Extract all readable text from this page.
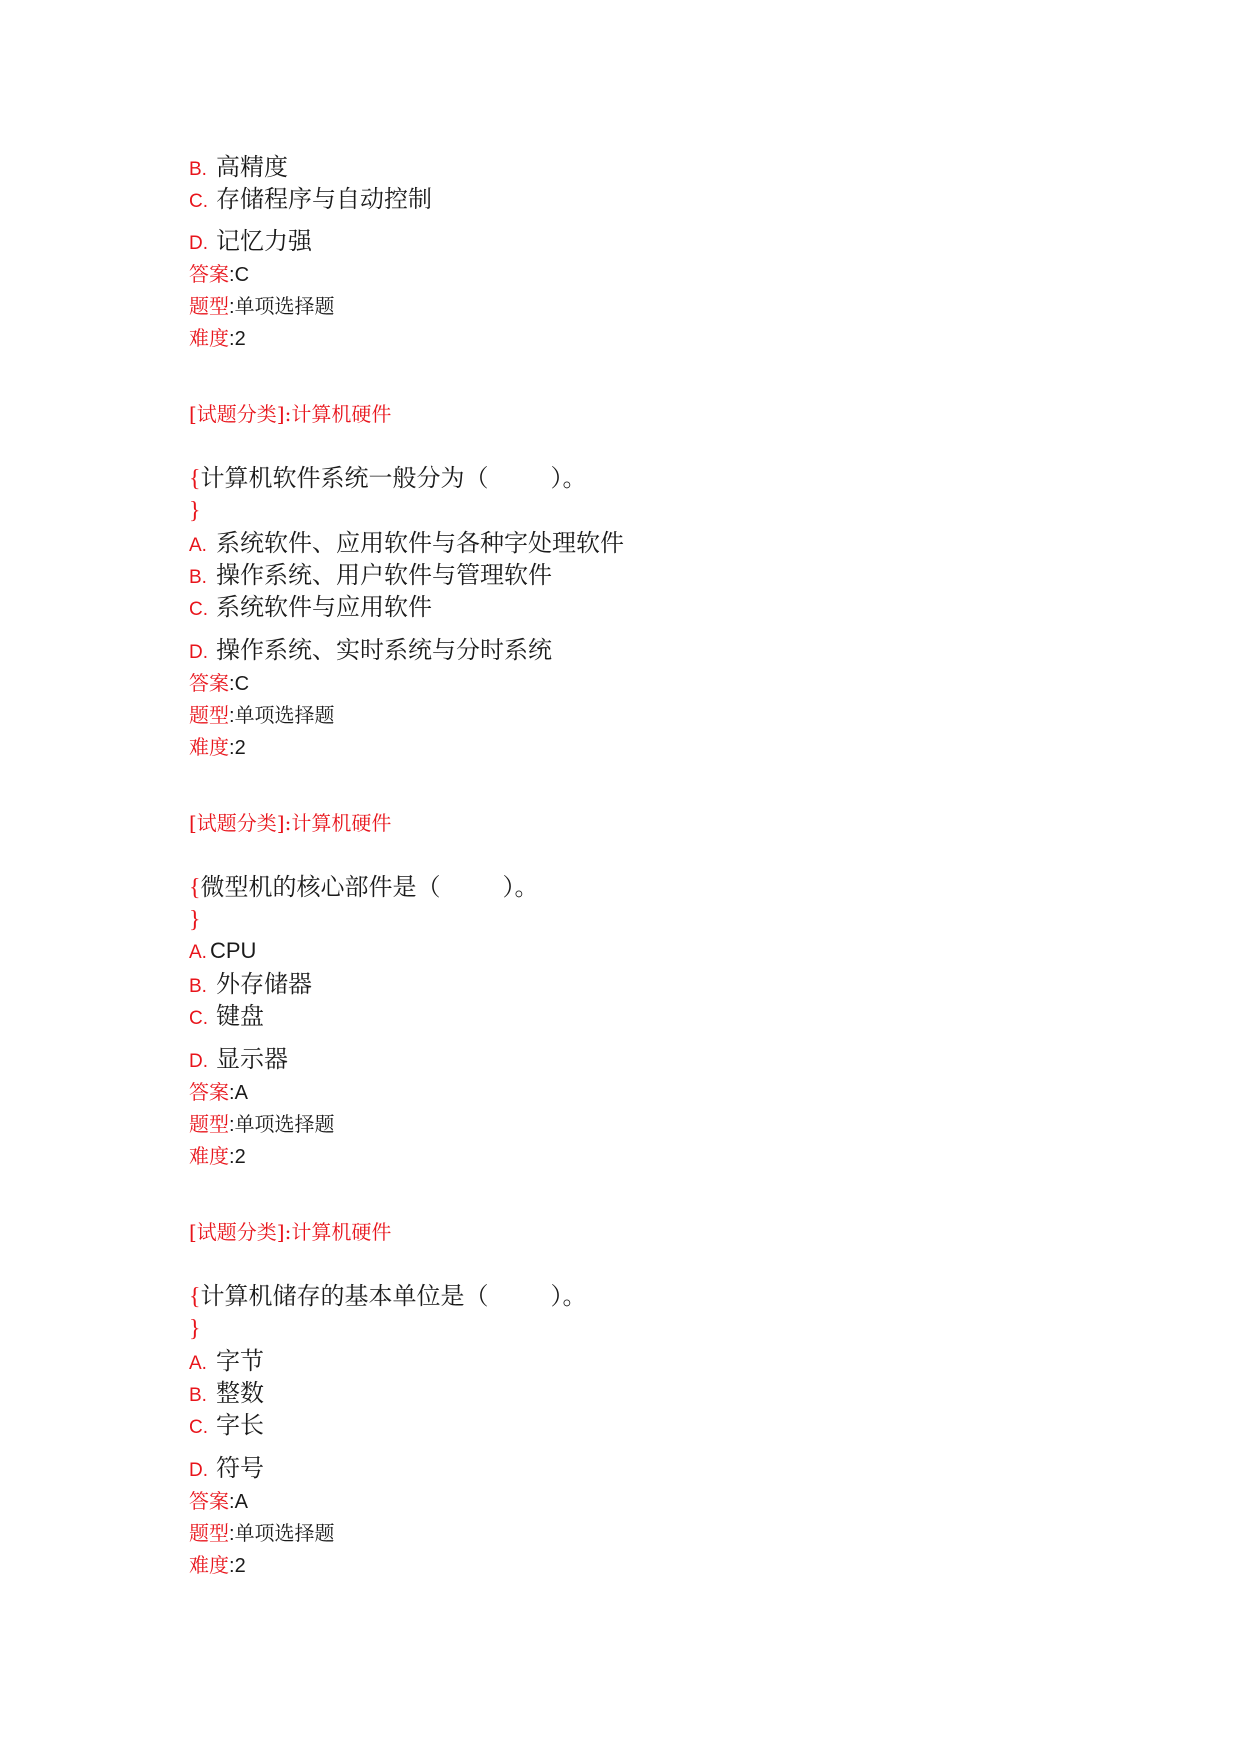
B. 高精度
C. 存储程序与自动控制
D. 记忆力强
答案:C
题型:单项选择题
难度:2
[试题分类]:计算机硬件
{计算机软件系统一般分为（	）。
}
A. 系统软件、应用软件与各种字处理软件
B. 操作系统、用户软件与管理软件
C. 系统软件与应用软件
D. 操作系统、实时系统与分时系统
答案:C
题型:单项选择题
难度:2
[试题分类]:计算机硬件
{微型机的核心部件是（	）。
}
A. CPU
B. 外存储器
C. 键盘
D. 显示器
答案:A
题型:单项选择题
难度:2
[试题分类]:计算机硬件
{计算机储存的基本单位是（	）。
}
A. 字节
B. 整数
C. 字长
D. 符号
答案:A
题型:单项选择题
难度:2
